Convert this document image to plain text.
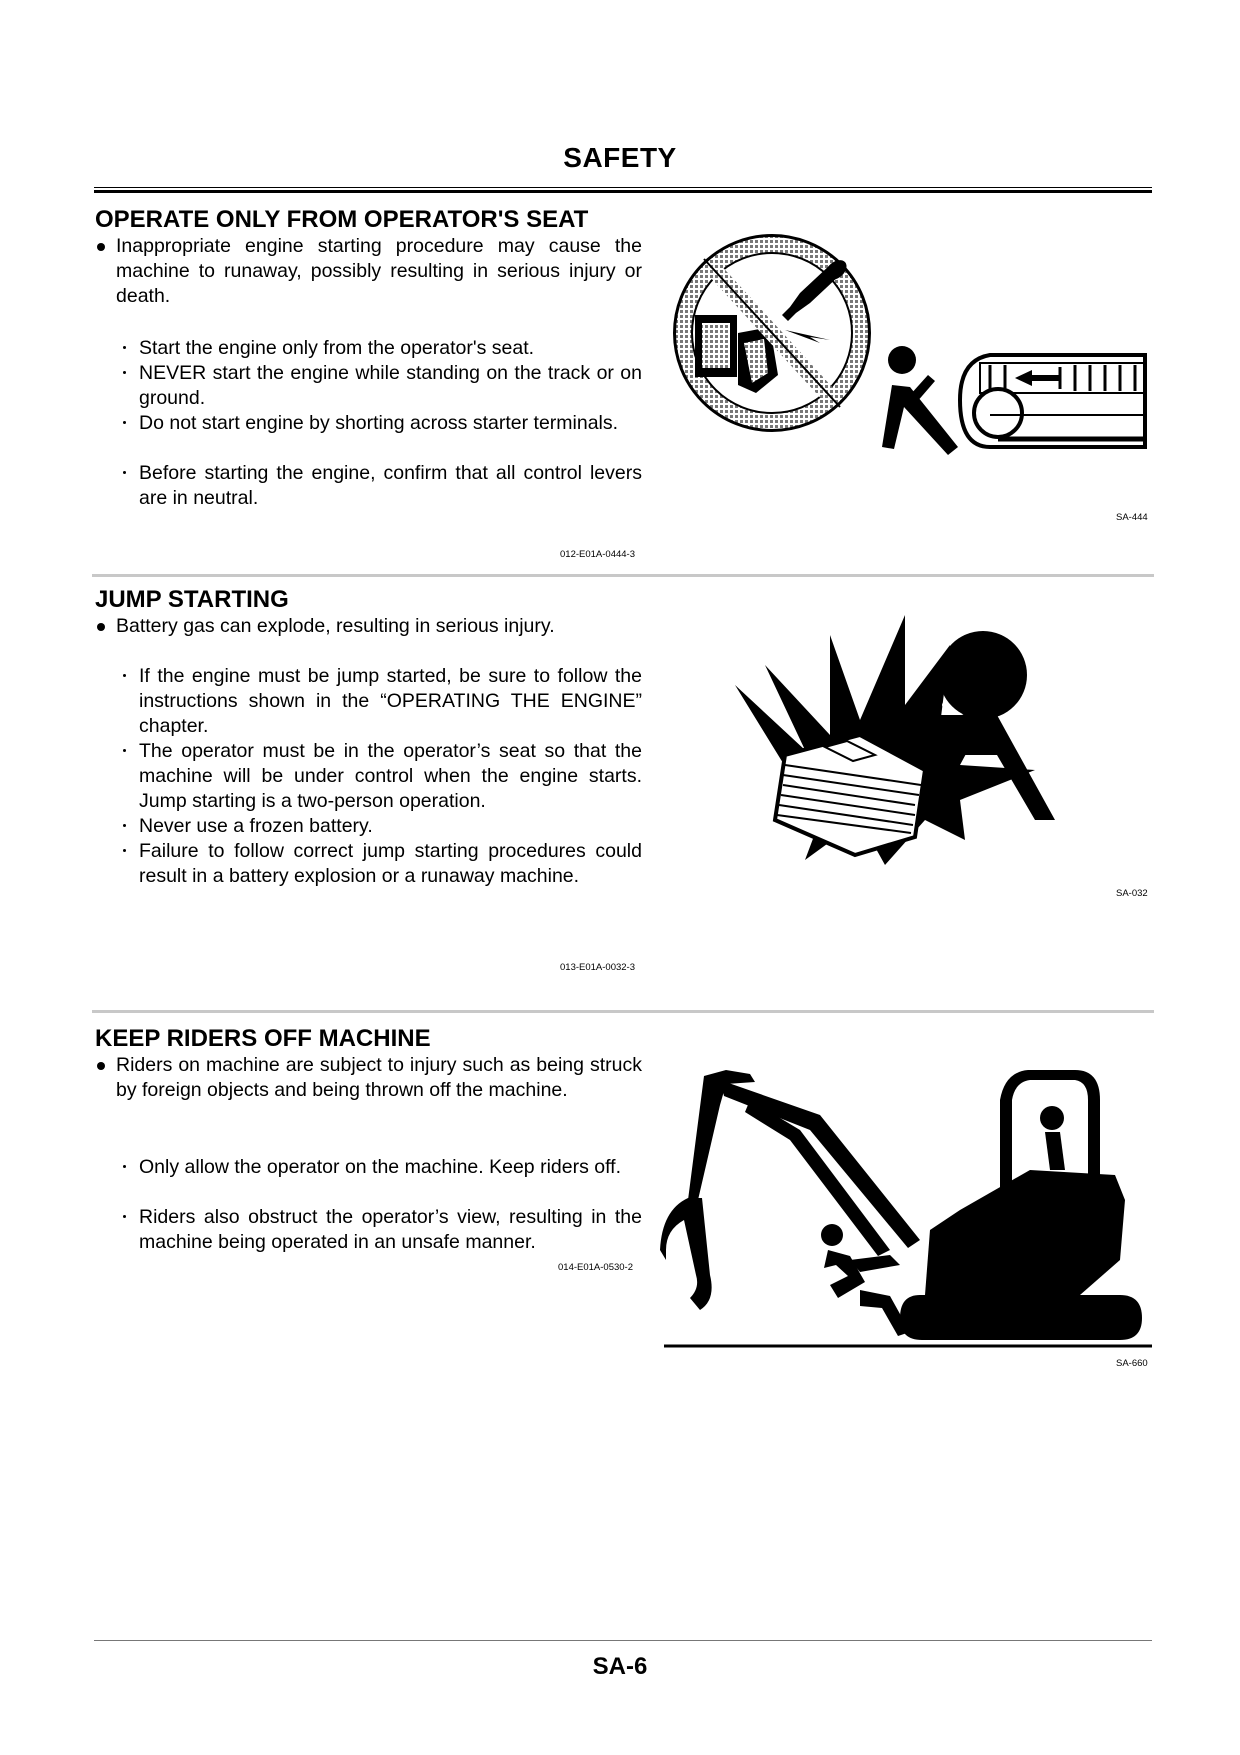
SAFETY
OPERATE ONLY FROM OPERATOR'S SEAT
Inappropriate engine starting procedure may cause the machine to runaway, possibly resulting in serious injury or death.
Start the engine only from the operator's seat.
NEVER start the engine while standing on the track or on ground.
Do not start engine by shorting across starter terminals.
Before starting the engine, confirm that all control levers are in neutral.
012-E01A-0444-3
SA-444
JUMP STARTING
Battery gas can explode, resulting in serious injury.
If the engine must be jump started, be sure to follow the instructions shown in the “OPERATING THE ENGINE” chapter.
The operator must be in the operator’s seat so that the machine will be under control when the engine starts. Jump starting is a two-person operation.
Never use a frozen battery.
Failure to follow correct jump starting procedures could result in a battery explosion or a runaway machine.
013-E01A-0032-3
SA-032
KEEP RIDERS OFF MACHINE
Riders on machine are subject to injury such as being struck by foreign objects and being thrown off the machine.
Only allow the operator on the machine. Keep riders off.
Riders also obstruct the operator’s view, resulting in the machine being operated in an unsafe manner.
014-E01A-0530-2
SA-660
SA-6
